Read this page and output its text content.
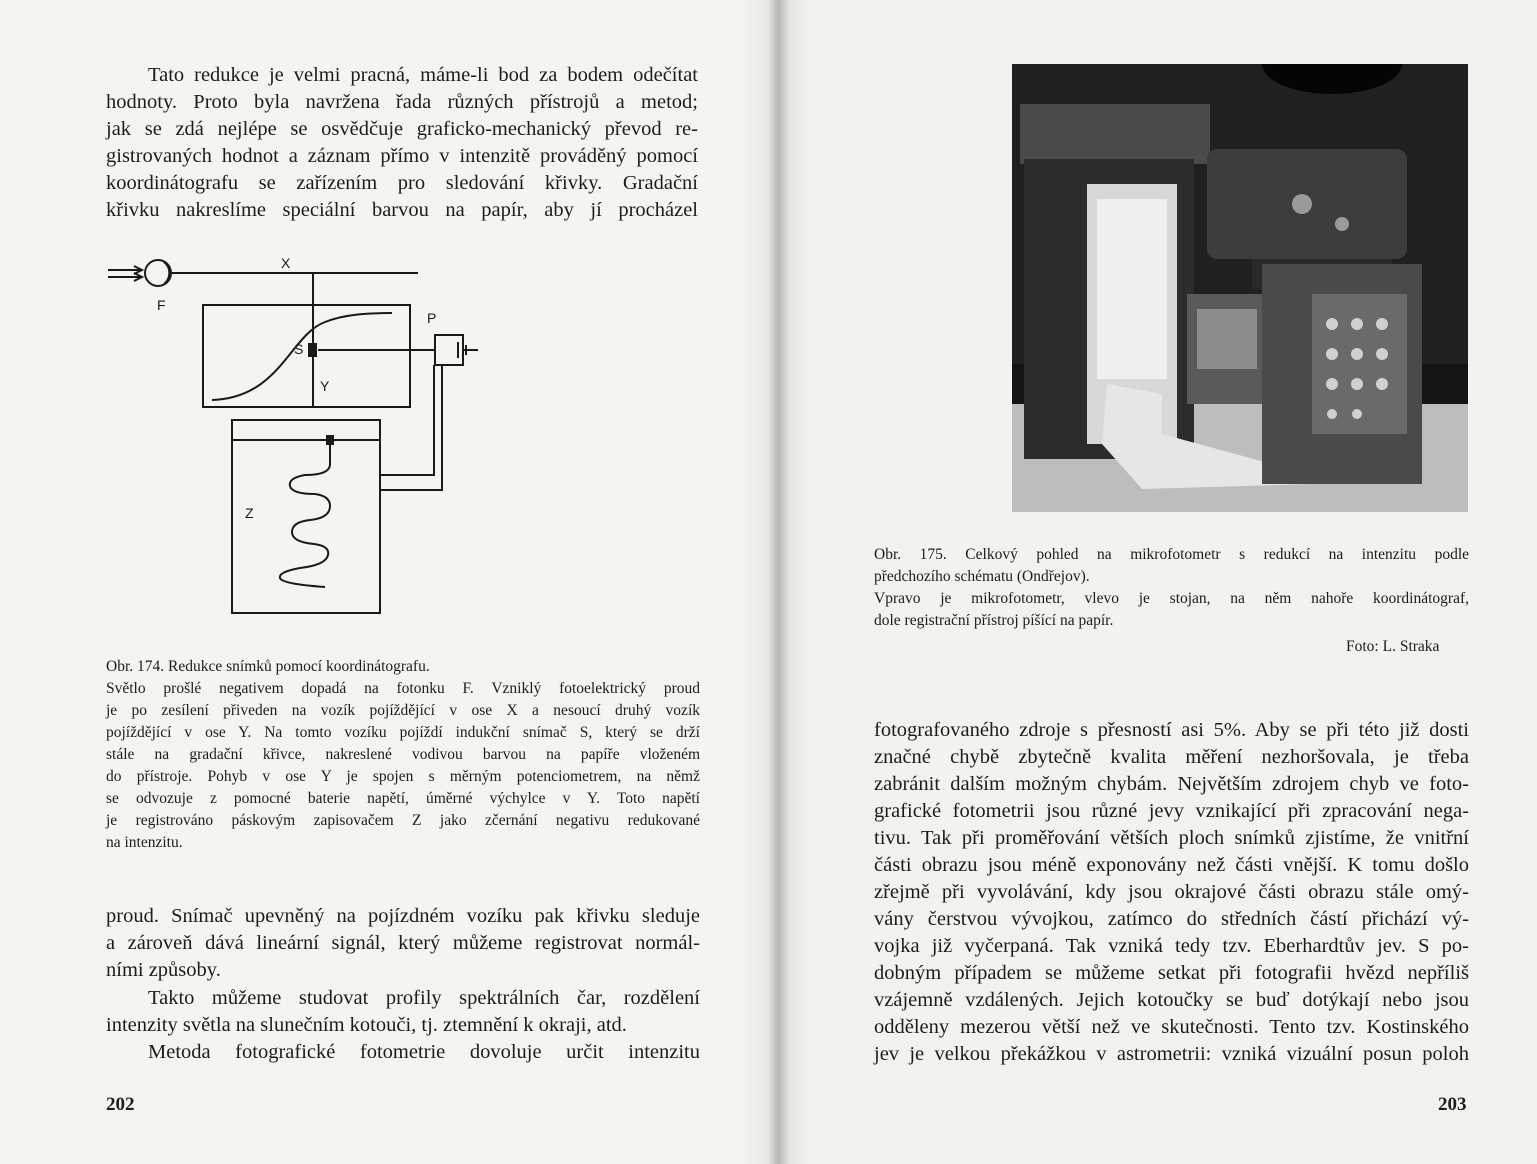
Tato redukce je velmi pracná, máme-li bod za bodem odečítat
hodnoty. Proto byla navržena řada různých přístrojů a metod;
jak se zdá nejlépe se osvědčuje graficko-mechanický převod re-
gistrovaných hodnot a záznam přímo v intenzitě prováděný pomocí
koordinátografu se zařízením pro sledování křivky. Gradační
křivku nakreslíme speciální barvou na papír, aby jí procházel

X
F
P
S
Y
Z
Obr. 174. Redukce snímků pomocí koordinátografu.
Světlo prošlé negativem dopadá na fotonku F. Vzniklý fotoelektrický proud
je po zesílení přiveden na vozík pojíždějící v ose X a nesoucí druhý vozík
pojíždějící v ose Y. Na tomto vozíku pojíždí indukční snímač S, který se drží
stále na gradační křivce, nakreslené vodivou barvou na papíře vloženém
do přístroje. Pohyb v ose Y je spojen s měrným potenciometrem, na němž
se odvozuje z pomocné baterie napětí, úměrné výchylce v Y. Toto napětí
je registrováno páskovým zapisovačem Z jako zčernání negativu redukované
na intenzitu.

proud. Snímač upevněný na pojízdném vozíku pak křivku sleduje
a zároveň dává lineární signál, který můžeme registrovat normál-
ními způsoby.

Takto můžeme studovat profily spektrálních čar, rozdělení
intenzity světla na slunečním kotouči, tj. ztemnění k okraji, atd.

Metoda fotografické fotometrie dovoluje určit intenzitu

202
Obr. 175. Celkový pohled na mikrofotometr s redukcí na intenzitu podle
předchozího schématu (Ondřejov).
Vpravo je mikrofotometr, vlevo je stojan, na něm nahoře koordinátograf,
dole registrační přístroj píšící na papír.
Foto: L. Straka

fotografovaného zdroje s přesností asi 5%. Aby se při této již dosti
značné chybě zbytečně kvalita měření nezhoršovala, je třeba
zabránit dalším možným chybám. Největším zdrojem chyb ve foto-
grafické fotometrii jsou různé jevy vznikající při zpracování nega-
tivu. Tak při proměřování větších ploch snímků zjistíme, že vnitřní
části obrazu jsou méně exponovány než části vnější. K tomu došlo
zřejmě při vyvolávání, kdy jsou okrajové části obrazu stále omý-
vány čerstvou vývojkou, zatímco do středních částí přichází vý-
vojka již vyčerpaná. Tak vzniká tedy tzv. Eberhardtův jev. S po-
dobným případem se můžeme setkat při fotografii hvězd nepříliš
vzájemně vzdálených. Jejich kotoučky se buď dotýkají nebo jsou
odděleny mezerou větší než ve skutečnosti. Tento tzv. Kostinského
jev je velkou překážkou v astrometrii: vzniká vizuální posun poloh

203
